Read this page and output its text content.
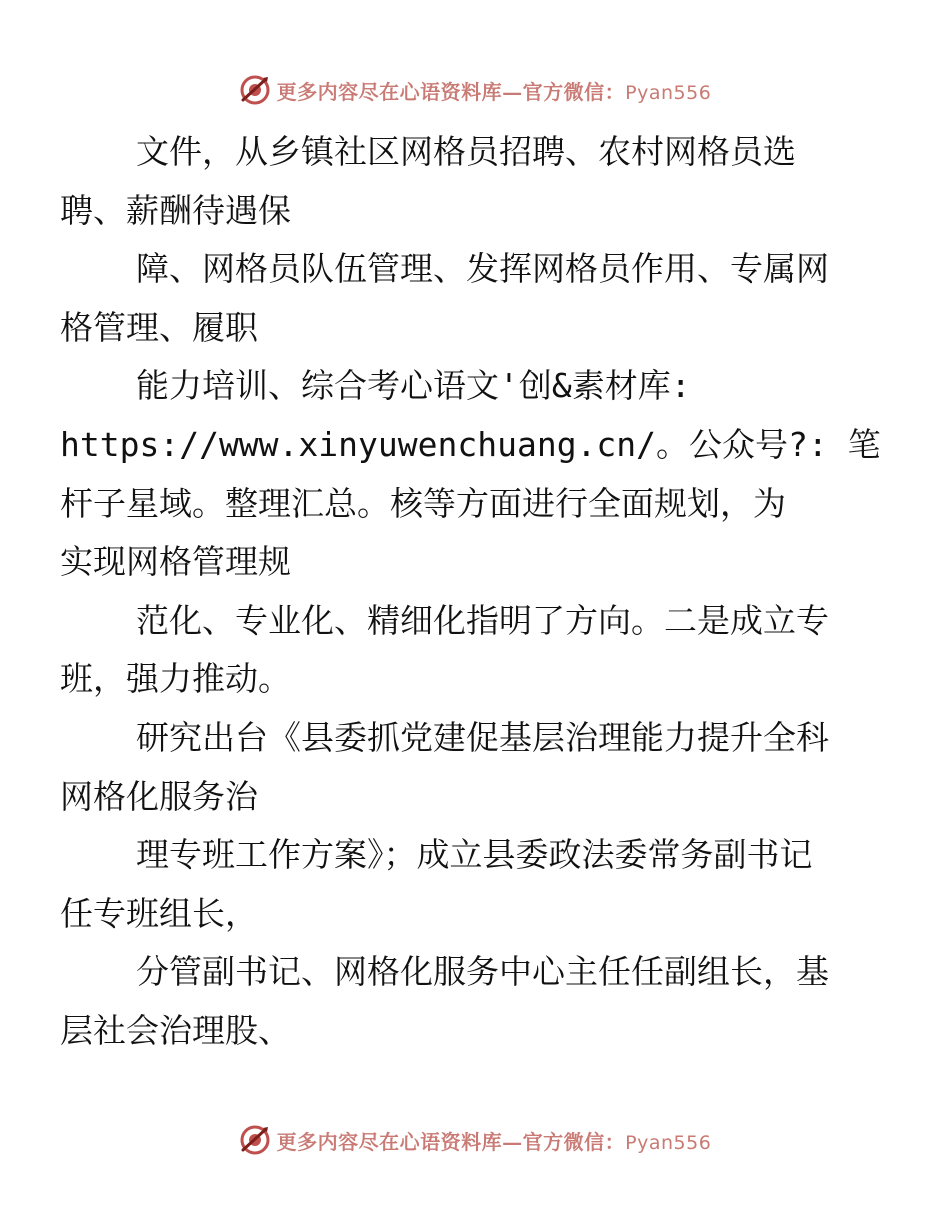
更多内容尽在心语资料库—官方微信：Pyan556

文件，从乡镇社区网格员招聘、农村网格员选
聘、薪酬待遇保

障、网格员队伍管理、发挥网格员作用、专属网
格管理、履职

能力培训、综合考心语文'创&素材库:
https://www.xinyuwenchuang.cn/。公众号?: 笔
杆子星域。整理汇总。核等方面进行全面规划，为
实现网格管理规

范化、专业化、精细化指明了方向。二是成立专
班，强力推动。

研究出台《县委抓党建促基层治理能力提升全科
网格化服务治

理专班工作方案》；成立县委政法委常务副书记
任专班组长，

分管副书记、网格化服务中心主任任副组长，基
层社会治理股、

更多内容尽在心语资料库—官方微信：Pyan556
